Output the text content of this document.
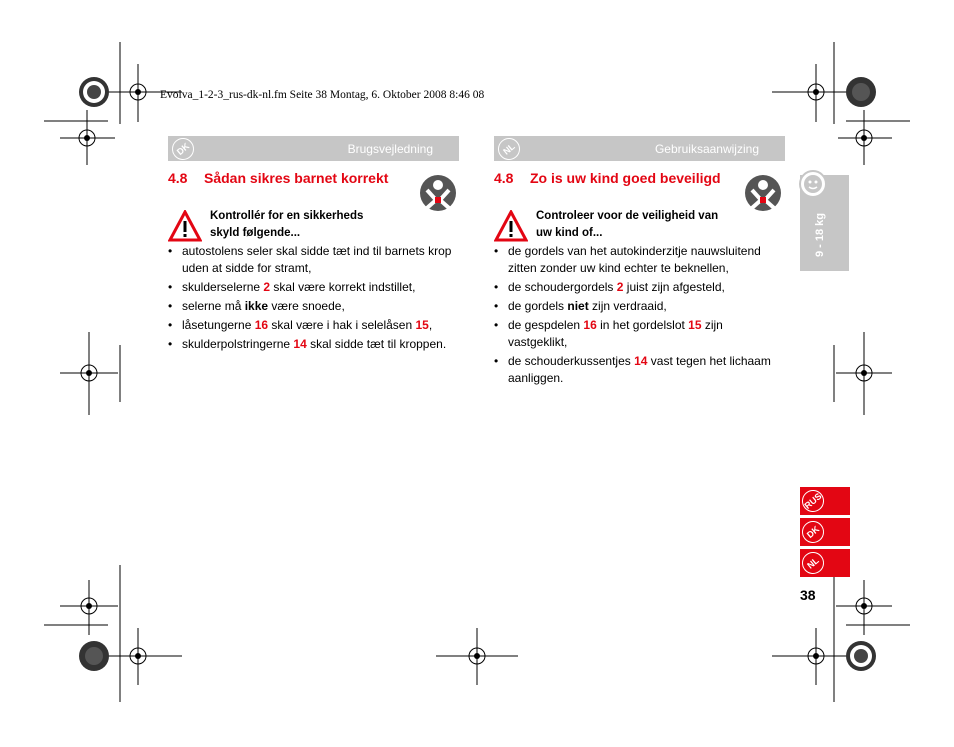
Evolva_1-2-3_rus-dk-nl.fm Seite 38 Montag, 6. Oktober 2008 8:46 08
DK	Brugsvejledning
4.8 Sådan sikres barnet korrekt
Kontrollér for en sikkerheds
skyld følgende...
• autostolens seler skal sidde tæt ind til barnets krop uden at sidde for stramt,
• skulderselerne 2 skal være korrekt indstillet,
• selerne må ikke være snoede,
• låsetungerne 16 skal være i hak i selelåsen 15,
• skulderpolstringerne 14 skal sidde tæt til kroppen.
NL	Gebruiksaanwijzing
4.8 Zo is uw kind goed beveiligd
Controleer voor de veiligheid van
uw kind of...
• de gordels van het autokinderzitje nauwsluitend zitten zonder uw kind echter te beknellen,
• de schoudergordels 2 juist zijn afgesteld,
• de gordels niet zijn verdraaid,
• de gespdelen 16 in het gordelslot 15 zijn vastgeklikt,
• de schouderkussentjes 14 vast tegen het lichaam aanliggen.
9 - 18 kg
RUS
DK
NL
38
